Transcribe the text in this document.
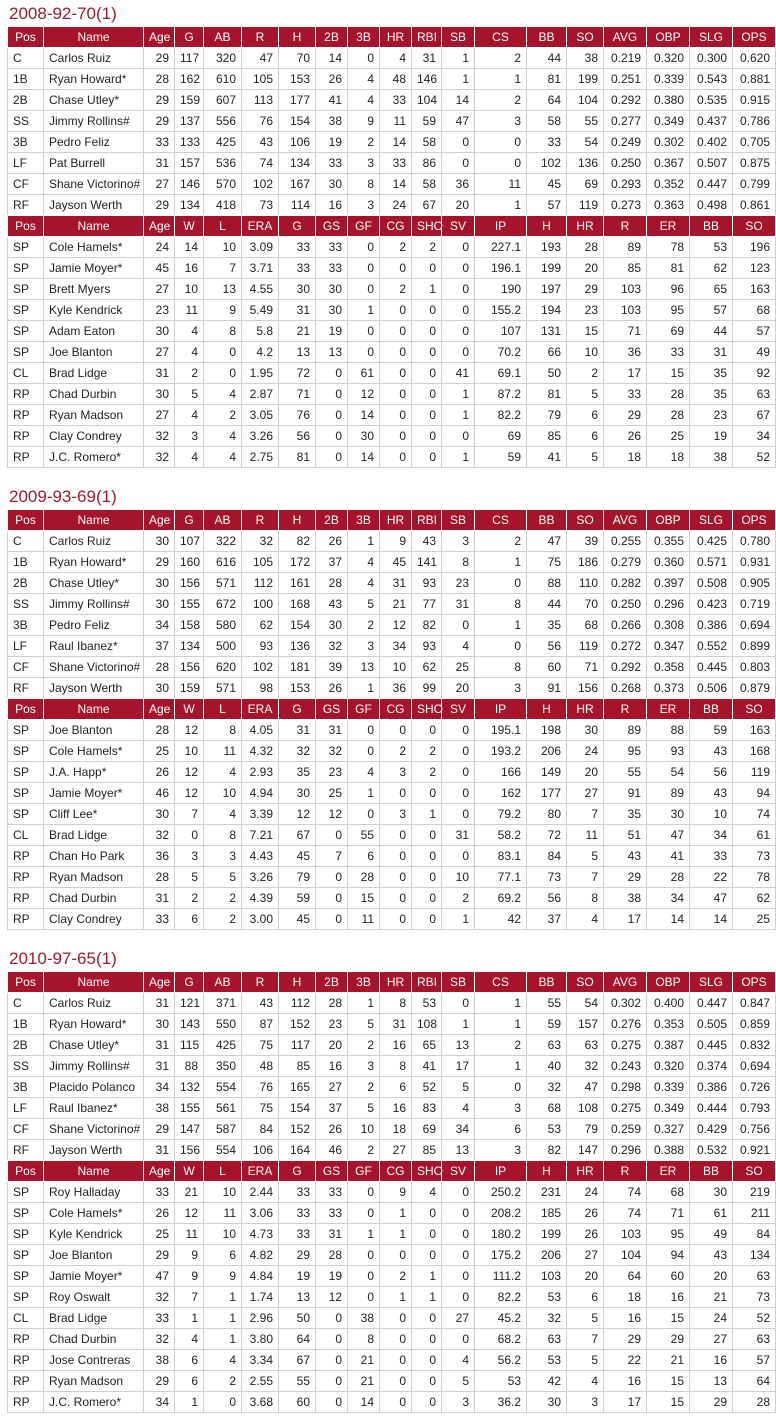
2008-92-70(1)
Pos	Name	Age	G	AB	R	H	2B	3B	HR	RBI	SB	CS	BB	SO	AVG	OBP	SLG	OPS
C	Carlos Ruiz	29	117	320	47	70	14	0	4	31	1	2	44	38	0.219	0.320	0.300	0.620
1B	Ryan Howard*	28	162	610	105	153	26	4	48	146	1	1	81	199	0.251	0.339	0.543	0.881
2B	Chase Utley*	29	159	607	113	177	41	4	33	104	14	2	64	104	0.292	0.380	0.535	0.915
SS	Jimmy Rollins#	29	137	556	76	154	38	9	11	59	47	3	58	55	0.277	0.349	0.437	0.786
3B	Pedro Feliz	33	133	425	43	106	19	2	14	58	0	0	33	54	0.249	0.302	0.402	0.705
LF	Pat Burrell	31	157	536	74	134	33	3	33	86	0	0	102	136	0.250	0.367	0.507	0.875
CF	Shane Victorino#	27	146	570	102	167	30	8	14	58	36	11	45	69	0.293	0.352	0.447	0.799
RF	Jayson Werth	29	134	418	73	114	16	3	24	67	20	1	57	119	0.273	0.363	0.498	0.861
Pos	Name	Age	W	L	ERA	G	GS	GF	CG	SHO	SV	IP	H	HR	R	ER	BB	SO
SP	Cole Hamels*	24	14	10	3.09	33	33	0	2	2	0	227.1	193	28	89	78	53	196
SP	Jamie Moyer*	45	16	7	3.71	33	33	0	0	0	0	196.1	199	20	85	81	62	123
SP	Brett Myers	27	10	13	4.55	30	30	0	2	1	0	190	197	29	103	96	65	163
SP	Kyle Kendrick	23	11	9	5.49	31	30	1	0	0	0	155.2	194	23	103	95	57	68
SP	Adam Eaton	30	4	8	5.8	21	19	0	0	0	0	107	131	15	71	69	44	57
SP	Joe Blanton	27	4	0	4.2	13	13	0	0	0	0	70.2	66	10	36	33	31	49
CL	Brad Lidge	31	2	0	1.95	72	0	61	0	0	41	69.1	50	2	17	15	35	92
RP	Chad Durbin	30	5	4	2.87	71	0	12	0	0	1	87.2	81	5	33	28	35	63
RP	Ryan Madson	27	4	2	3.05	76	0	14	0	0	1	82.2	79	6	29	28	23	67
RP	Clay Condrey	32	3	4	3.26	56	0	30	0	0	0	69	85	6	26	25	19	34
RP	J.C. Romero*	32	4	4	2.75	81	0	14	0	0	1	59	41	5	18	18	38	52
2009-93-69(1)
Pos	Name	Age	G	AB	R	H	2B	3B	HR	RBI	SB	CS	BB	SO	AVG	OBP	SLG	OPS
C	Carlos Ruiz	30	107	322	32	82	26	1	9	43	3	2	47	39	0.255	0.355	0.425	0.780
1B	Ryan Howard*	29	160	616	105	172	37	4	45	141	8	1	75	186	0.279	0.360	0.571	0.931
2B	Chase Utley*	30	156	571	112	161	28	4	31	93	23	0	88	110	0.282	0.397	0.508	0.905
SS	Jimmy Rollins#	30	155	672	100	168	43	5	21	77	31	8	44	70	0.250	0.296	0.423	0.719
3B	Pedro Feliz	34	158	580	62	154	30	2	12	82	0	1	35	68	0.266	0.308	0.386	0.694
LF	Raul Ibanez*	37	134	500	93	136	32	3	34	93	4	0	56	119	0.272	0.347	0.552	0.899
CF	Shane Victorino#	28	156	620	102	181	39	13	10	62	25	8	60	71	0.292	0.358	0.445	0.803
RF	Jayson Werth	30	159	571	98	153	26	1	36	99	20	3	91	156	0.268	0.373	0.506	0.879
Pos	Name	Age	W	L	ERA	G	GS	GF	CG	SHO	SV	IP	H	HR	R	ER	BB	SO
SP	Joe Blanton	28	12	8	4.05	31	31	0	0	0	0	195.1	198	30	89	88	59	163
SP	Cole Hamels*	25	10	11	4.32	32	32	0	2	2	0	193.2	206	24	95	93	43	168
SP	J.A. Happ*	26	12	4	2.93	35	23	4	3	2	0	166	149	20	55	54	56	119
SP	Jamie Moyer*	46	12	10	4.94	30	25	1	0	0	0	162	177	27	91	89	43	94
SP	Cliff Lee*	30	7	4	3.39	12	12	0	3	1	0	79.2	80	7	35	30	10	74
CL	Brad Lidge	32	0	8	7.21	67	0	55	0	0	31	58.2	72	11	51	47	34	61
RP	Chan Ho Park	36	3	3	4.43	45	7	6	0	0	0	83.1	84	5	43	41	33	73
RP	Ryan Madson	28	5	5	3.26	79	0	28	0	0	10	77.1	73	7	29	28	22	78
RP	Chad Durbin	31	2	2	4.39	59	0	15	0	0	2	69.2	56	8	38	34	47	62
RP	Clay Condrey	33	6	2	3.00	45	0	11	0	0	1	42	37	4	17	14	14	25
2010-97-65(1)
Pos	Name	Age	G	AB	R	H	2B	3B	HR	RBI	SB	CS	BB	SO	AVG	OBP	SLG	OPS
C	Carlos Ruiz	31	121	371	43	112	28	1	8	53	0	1	55	54	0.302	0.400	0.447	0.847
1B	Ryan Howard*	30	143	550	87	152	23	5	31	108	1	1	59	157	0.276	0.353	0.505	0.859
2B	Chase Utley*	31	115	425	75	117	20	2	16	65	13	2	63	63	0.275	0.387	0.445	0.832
SS	Jimmy Rollins#	31	88	350	48	85	16	3	8	41	17	1	40	32	0.243	0.320	0.374	0.694
3B	Placido Polanco	34	132	554	76	165	27	2	6	52	5	0	32	47	0.298	0.339	0.386	0.726
LF	Raul Ibanez*	38	155	561	75	154	37	5	16	83	4	3	68	108	0.275	0.349	0.444	0.793
CF	Shane Victorino#	29	147	587	84	152	26	10	18	69	34	6	53	79	0.259	0.327	0.429	0.756
RF	Jayson Werth	31	156	554	106	164	46	2	27	85	13	3	82	147	0.296	0.388	0.532	0.921
Pos	Name	Age	W	L	ERA	G	GS	GF	CG	SHO	SV	IP	H	HR	R	ER	BB	SO
SP	Roy Halladay	33	21	10	2.44	33	33	0	9	4	0	250.2	231	24	74	68	30	219
SP	Cole Hamels*	26	12	11	3.06	33	33	0	1	0	0	208.2	185	26	74	71	61	211
SP	Kyle Kendrick	25	11	10	4.73	33	31	1	1	0	0	180.2	199	26	103	95	49	84
SP	Joe Blanton	29	9	6	4.82	29	28	0	0	0	0	175.2	206	27	104	94	43	134
SP	Jamie Moyer*	47	9	9	4.84	19	19	0	2	1	0	111.2	103	20	64	60	20	63
SP	Roy Oswalt	32	7	1	1.74	13	12	0	1	1	0	82.2	53	6	18	16	21	73
CL	Brad Lidge	33	1	1	2.96	50	0	38	0	0	27	45.2	32	5	16	15	24	52
RP	Chad Durbin	32	4	1	3.80	64	0	8	0	0	0	68.2	63	7	29	29	27	63
RP	Jose Contreras	38	6	4	3.34	67	0	21	0	0	4	56.2	53	5	22	21	16	57
RP	Ryan Madson	29	6	2	2.55	55	0	21	0	0	5	53	42	4	16	15	13	64
RP	J.C. Romero*	34	1	0	3.68	60	0	14	0	0	3	36.2	30	3	17	15	29	28
